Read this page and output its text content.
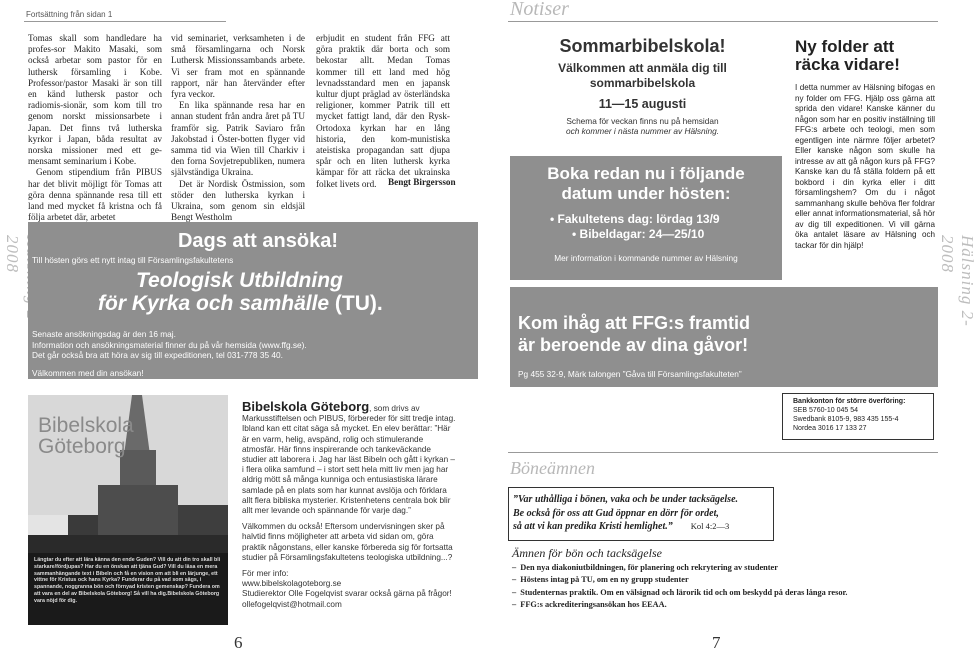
Fortsättning från sidan 1
2008

Tomas skall som handledare ha profes-sor Makito Masaki, som också arbetar som pastor för en luthersk församling i Kobe. Professor/pastor Masaki är son till en känd luthersk pastor och radiomis-sionär, som kom till tro genom norskt missionsarbete i Japan. Det finns två lutherska kyrkor i Japan, båda resultat av norska missioner med ett ge-mensamt seminarium i Kobe.

Genom stipendium från PIBUS har det blivit möjligt för Tomas att göra denna spännande resa till ett land med mycket få kristna och få följa arbetet där, arbetet

vid seminariet, verksamheten i de små församlingarna och Norsk Luthersk Missionssambands arbete. Vi ser fram mot en spännande rapport, när han återvänder efter fyra veckor.

En lika spännande resa har en annan student från andra året på TU framför sig. Patrik Saviaro från Jakobstad i Öster-botten flyger vid samma tid via Wien till Charkiv i den forna Sovjetrepubliken, numera självständiga Ukraina.

Det är Nordisk Östmission, som stöder den lutherska kyrkan i Ukraina, som genom sin eldsjäl Bengt Westholm

Dags att ansöka!
Till hösten görs ett nytt intag till Församlingsfakultetens
Teologisk Utbildning
för Kyrka och samhälle (TU).
Senaste ansökningsdag är den 16 maj.
Information och ansökningsmaterial finner du på vår hemsida (www.ffg.se).
Det går också bra att höra av sig till expeditionen, tel 031-778 35 40.
Välkommen med din ansökan!
Bibelskola
Göteborg
Längtar du efter att lära känna den ende Guden? Vill du att din tro skall bli starkare/fördjupas? Har du en önskan att tjäna Gud? Vill du läsa en mera sammanhängande text i Bibeln och få en vision om att bli en lärjunge, ett vittne för Kristus ock hans Kyrka? Funderar du på vad som sägs, i spannande, noggranna bön och förnyad kristen gemenskap? Fundera om att vara en del av Bibelskola Göteborg! Så vill ha dig.Bibelskola Göteborg vara nöjd för dig.
Bibelskola Göteborg, som drivs av Markusstiftelsen och PIBUS, förbereder för sitt tredje intag. Ibland kan ett citat säga så mycket. En elev berättar: ”Här är en varm, helig, avspänd, rolig och stimulerande atmosfär. Här finns inspirerande och tankeväckande studier att laborera i. Jag har läst Bibeln och gått i kyrkan – i flera olika samfund – i stort sett hela mitt liv men jag har aldrig mött så många kunniga och entusiastiska lärare samlade på en plats som har kunnat avslöja och förklara allt flera bibliska mysterier. Kristenhetens centrala bok blir allt mer levande och spännande för varje dag.”
Välkommen du också! Eftersom undervisningen sker på halvtid finns möjligheter att arbeta vid sidan om, göra praktik någonstans, eller kanske förbereda sig för fortsatta studier på Församlingsfakultetens teologiska utbildning...?
För mer info:
www.bibelskolagoteborg.se
Studierektor Olle Fogelqvist svarar också gärna på frågor!
ollefogelqvist@hotmail.com
6
Notiser
Hälsning 2-2008

erbjudit en student från FFG att göra praktik där borta och som bekostar allt. Medan Tomas kommer till ett land med hög levnadsstandard men en japansk kultur djupt präglad av österländska religioner, kommer Patrik till ett mycket fattigt land, där den Rysk-Ortodoxa kyrkan har en lång historia, den kom-munistiska ateistiska propagandan satt djupa spår och en liten luthersk kyrka kämpar för att räcka det ukrainska folket livets ord.	Bengt Birgersson
Sommarbibelskola!
Välkommen att anmäla dig till
sommarbibelskola
11—15 augusti
Schema för veckan finns nu på hemsidan
och kommer i nästa nummer av Hälsning.
Boka redan nu i följande
datum under hösten:
• Fakultetens dag: lördag 13/9
• Bibeldagar: 24—25/10
Mer information i kommande nummer av Hälsning
Ny folder att
räcka vidare!
I detta nummer av Hälsning bifogas en ny folder om FFG. Hjälp oss gärna att sprida den vidare! Kanske känner du någon som har en positiv inställning till FFG:s arbete och teologi, men som egentligen inte närmre följer arbetet? Eller kanske någon som skulle ha intresse av att gå någon kurs på FFG? Kanske kan du få ställa foldern på ett bokbord i din kyrka eller i ditt församlingshem? Om du i något sammanhang skulle behöva fler foldrar eller annat informationsmaterial, så hör av dig till expeditionen. Vi vill gärna öka antalet läsare av Hälsning och tackar för din hjälp!
Kom ihåg att FFG:s framtid
är beroende av dina gåvor!
Pg 455 32-9, Märk talongen ”Gåva till Församlingsfakulteten”
Bankkonton för större överföring:
SEB 5760-10 045 54
Swedbank 8105-9, 983 435 155-4
Nordea 3016 17 133 27
Böneämnen
”Var uthålliga i bönen, vaka och be under tacksägelse.
Be också för oss att Gud öppnar en dörr för ordet,
så att vi kan predika Kristi hemlighet.” Kol 4:2—3
Ämnen för bön och tacksägelse
–  Den nya diakoniutbildningen, för planering och rekrytering av studenter
–  Höstens intag på TU, om en ny grupp studenter
–  Studenternas praktik. Om en välsignad och lärorik tid och om beskydd på deras långa resor.
–  FFG:s ackrediteringsansökan hos EEAA.
7
